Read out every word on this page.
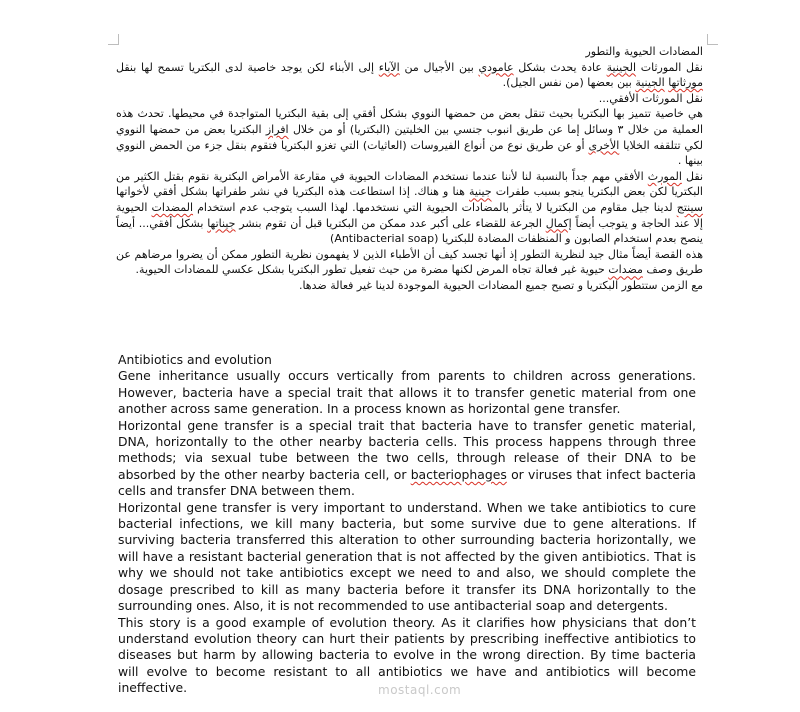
المضادات الحيوية والتطور

نقل المورثات الجينية عادة يحدث بشكل عامودي بين الأجيال من الآباء إلى الأبناء لكن يوجد خاصية لدى البكتريا تسمح لها بنقل مورثاتها الجينية بين بعضها (من نفس الجيل).

نقل المورثات الأفقي...

هي خاصية تتميز بها البكتريا بحيث تنقل بعض من حمضها النووي بشكل أفقي إلى بقية البكتريا المتواجدة في محيطها. تحدث هذه العملية من خلال ٣ وسائل إما عن طريق انبوب جنسي بين الخليتين (البكتريا) أو من خلال افراز البكتريا بعض من حمضها النووي لكي تتلقفه الخلايا الأخرى أو عن طريق نوع من أنواع الفيروسات (العاثيات) التي تغزو البكتريا فتقوم بنقل جزء من الحمض النووي بينها .

نقل المورث الأفقي مهم جداً بالنسبة لنا لأننا عندما نستخدم المضادات الحيوية في مقارعة الأمراض البكترية نقوم بقتل الكثير من البكتريا لكن بعض البكتريا ينجو بسبب طفرات جينية هنا و هناك. إذا استطاعت هذه البكتريا في نشر طفراتها بشكل أفقي لأخواتها سينتج لدينا جيل مقاوم من البكتريا لا يتأثر بالمضادات الحيوية التي نستخدمها. لهذا السبب يتوجب عدم استخدام المضدات الحيوية إلا عند الحاجة و يتوجب أيضاً إكمال الجرعة للقضاء على أكبر عدد ممكن من البكتريا قبل أن تقوم بنشر جيناتها بشكل أفقي... أيضاً ينصح بعدم استخدام الصابون و المنظفات المضادة للبكتريا (Antibacterial soap)

هذه القصة أيضاً مثال جيد لنظرية التطور إذ أنها تجسد كيف أن الأطباء الذين لا يفهمون نظرية التطور ممكن أن يضروا مرضاهم عن طريق وصف مضدات حيوية غير فعالة تجاه المرض لكنها مضرة من حيث تفعيل تطور البكتريا بشكل عكسي للمضادات الحيوية.

مع الزمن ستتطور البكتريا و تصبح جميع المضادات الحيوية الموجودة لدينا غير فعالة ضدها.

Antibiotics and evolution

Gene inheritance usually occurs vertically from parents to children across generations. However, bacteria have a special trait that allows it to transfer genetic material from one another across same generation. In a process known as horizontal gene transfer.

Horizontal gene transfer is a special trait that bacteria have to transfer genetic material, DNA, horizontally to the other nearby bacteria cells. This process happens through three methods; via sexual tube between the two cells, through release of their DNA to be absorbed by the other nearby bacteria cell, or bacteriophages or viruses that infect bacteria cells and transfer DNA between them.

Horizontal gene transfer is very important to understand. When we take antibiotics to cure bacterial infections, we kill many bacteria, but some survive due to gene alterations. If surviving bacteria transferred this alteration to other surrounding bacteria horizontally, we will have a resistant bacterial generation that is not affected by the given antibiotics. That is why we should not take antibiotics except we need to and also, we should complete the dosage prescribed to kill as many bacteria before it transfer its DNA horizontally to the surrounding ones. Also, it is not recommended to use antibacterial soap and detergents.

This story is a good example of evolution theory. As it clarifies how physicians that don’t understand evolution theory can hurt their patients by prescribing ineffective antibiotics to diseases but harm by allowing bacteria to evolve in the wrong direction. By time bacteria will evolve to become resistant to all antibiotics we have and antibiotics will become ineffective.	mostaql.com
